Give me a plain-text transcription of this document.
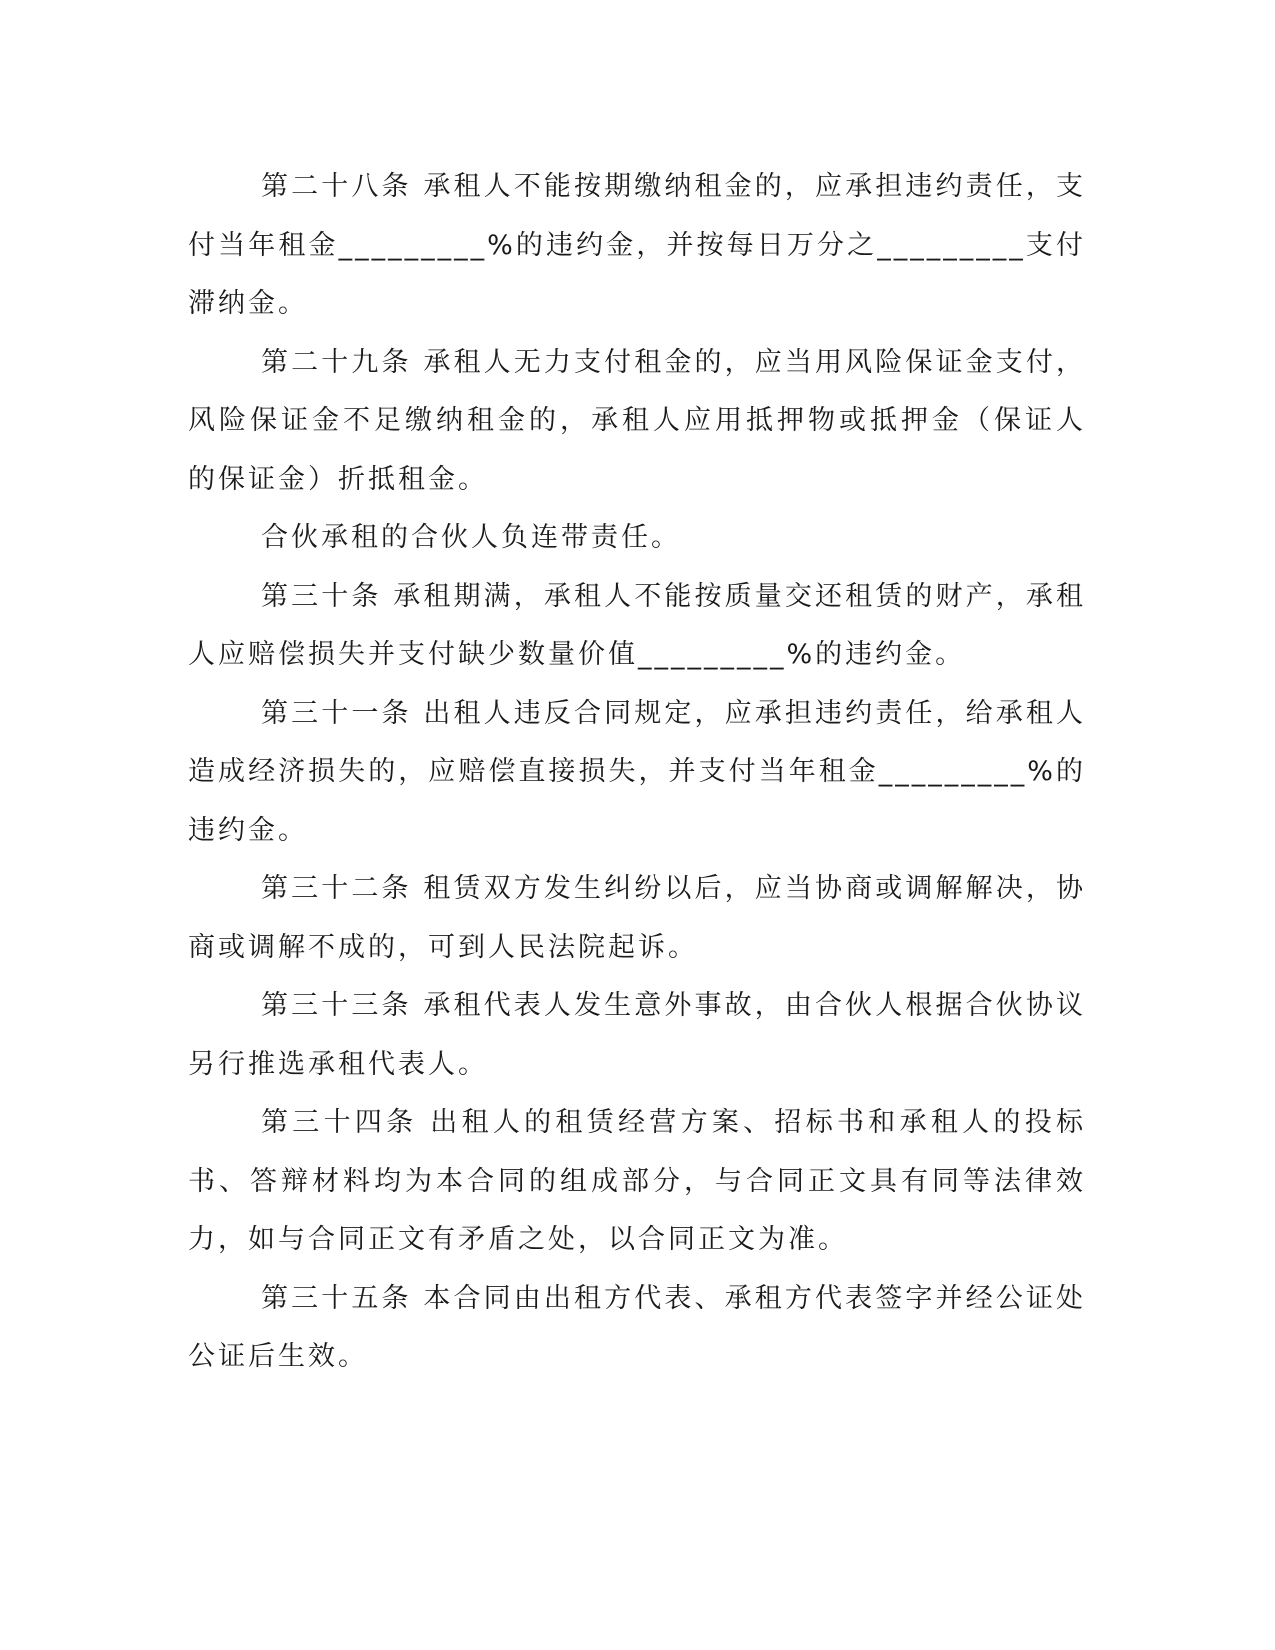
第二十八条 承租人不能按期缴纳租金的，应承担违约责任，支付当年租金_________%的违约金，并按每日万分之_________支付滞纳金。

第二十九条 承租人无力支付租金的，应当用风险保证金支付，风险保证金不足缴纳租金的，承租人应用抵押物或抵押金（保证人的保证金）折抵租金。

合伙承租的合伙人负连带责任。

第三十条 承租期满，承租人不能按质量交还租赁的财产，承租人应赔偿损失并支付缺少数量价值_________%的违约金。

第三十一条 出租人违反合同规定，应承担违约责任，给承租人造成经济损失的，应赔偿直接损失，并支付当年租金_________%的违约金。

第三十二条 租赁双方发生纠纷以后，应当协商或调解解决，协商或调解不成的，可到人民法院起诉。

第三十三条 承租代表人发生意外事故，由合伙人根据合伙协议另行推选承租代表人。

第三十四条 出租人的租赁经营方案、招标书和承租人的投标书、答辩材料均为本合同的组成部分，与合同正文具有同等法律效力，如与合同正文有矛盾之处，以合同正文为准。

第三十五条 本合同由出租方代表、承租方代表签字并经公证处公证后生效。
